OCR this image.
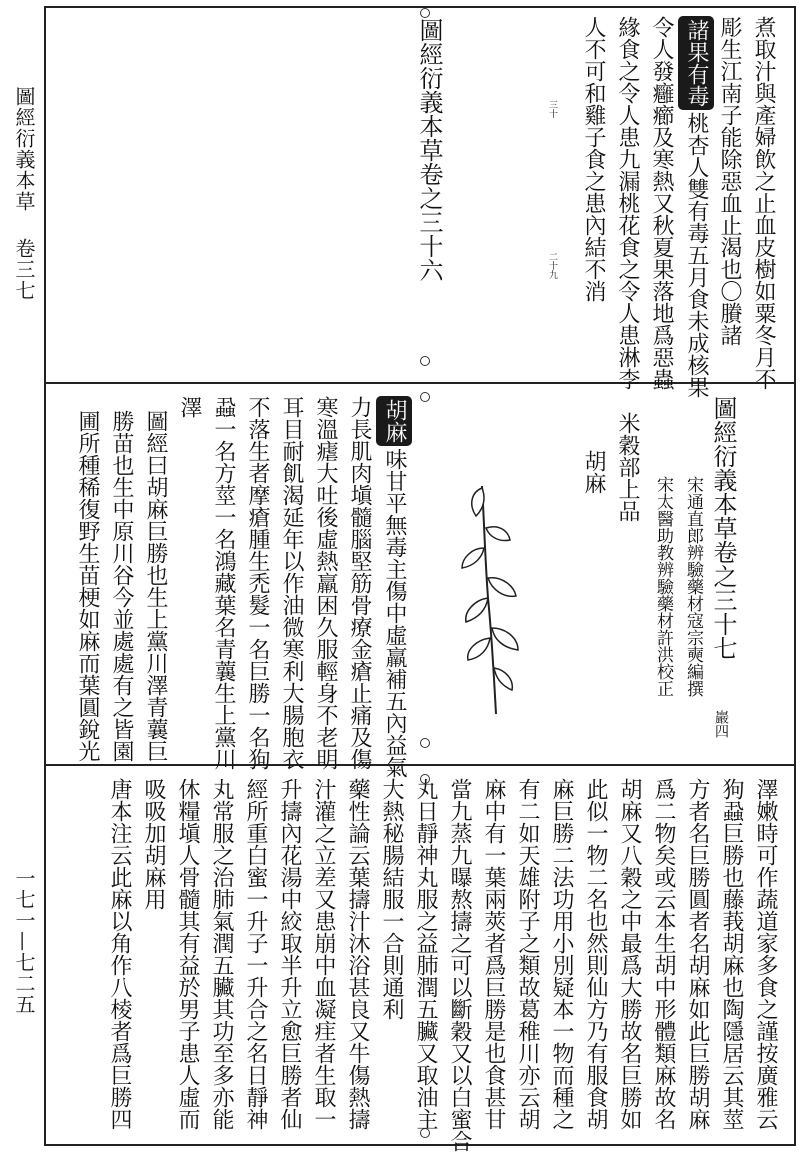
圖經衍義本草卷三七
一七一—七二五
煮取汁與產婦飲之止血皮樹如粟冬月不
彫生江南子能除惡血止渴也〇賸諸
諸果有毒桃杏人雙有毒五月食未成核果
令人發癰癤及寒熱又秋夏果落地爲惡蟲
緣食之令人患九漏桃花食之令人患淋李
人不可和雞子食之患內結不消
二十九
三十
圖經衍義本草卷之三十六
圖經衍義本草卷之三十七
宋通直郎辨驗藥材寇宗奭編撰
宋太醫助教辨驗藥材許洪校正
米穀部上品
胡麻
巖四
胡麻味甘平無毒主傷中虛羸補五內益氣
力長肌肉塡髓腦堅筋骨療金瘡止痛及傷
寒溫瘧大吐後虛熱羸困久服輕身不老明
耳目耐飢渴延年以作油微寒利大腸胞衣
不落生者摩瘡腫生禿髮一名巨勝一名狗
蝨一名方莖一名鴻藏葉名青蘘生上黨川
澤
圖經曰胡麻巨勝也生上黨川澤青蘘巨
勝苗也生中原川谷今並處處有之皆園
圃所種稀復野生苗梗如麻而葉圓銳光
澤嫩時可作蔬道家多食之謹按廣雅云
狗蝨巨勝也藤莪胡麻也陶隱居云其莖
方者名巨勝圓者名胡麻如此巨勝胡麻
爲二物矣或云本生胡中形體類麻故名
胡麻又八穀之中最爲大勝故名巨勝如
此似一物二名也然則仙方乃有服食胡
麻巨勝二法功用小別疑本一物而種之
有二如天雄附子之類故葛稚川亦云胡
麻中有一葉兩莢者爲巨勝是也食甚甘
當九蒸九曝熬擣之可以斷穀又以白蜜合
丸日靜神丸服之益肺潤五臟又取油主
大熱秘腸結服一合則通利
藥性論云葉擣汁沐浴甚良又牛傷熱擣
汁灌之立差又患崩中血凝疰者生取一
升擣內花湯中絞取半升立愈巨勝者仙
經所重白蜜一升子一升合之名日靜神
丸常服之治肺氣潤五臟其功至多亦能
休糧塡人骨髓其有益於男子患人虛而
吸吸加胡麻用
唐本注云此麻以角作八棱者爲巨勝四
